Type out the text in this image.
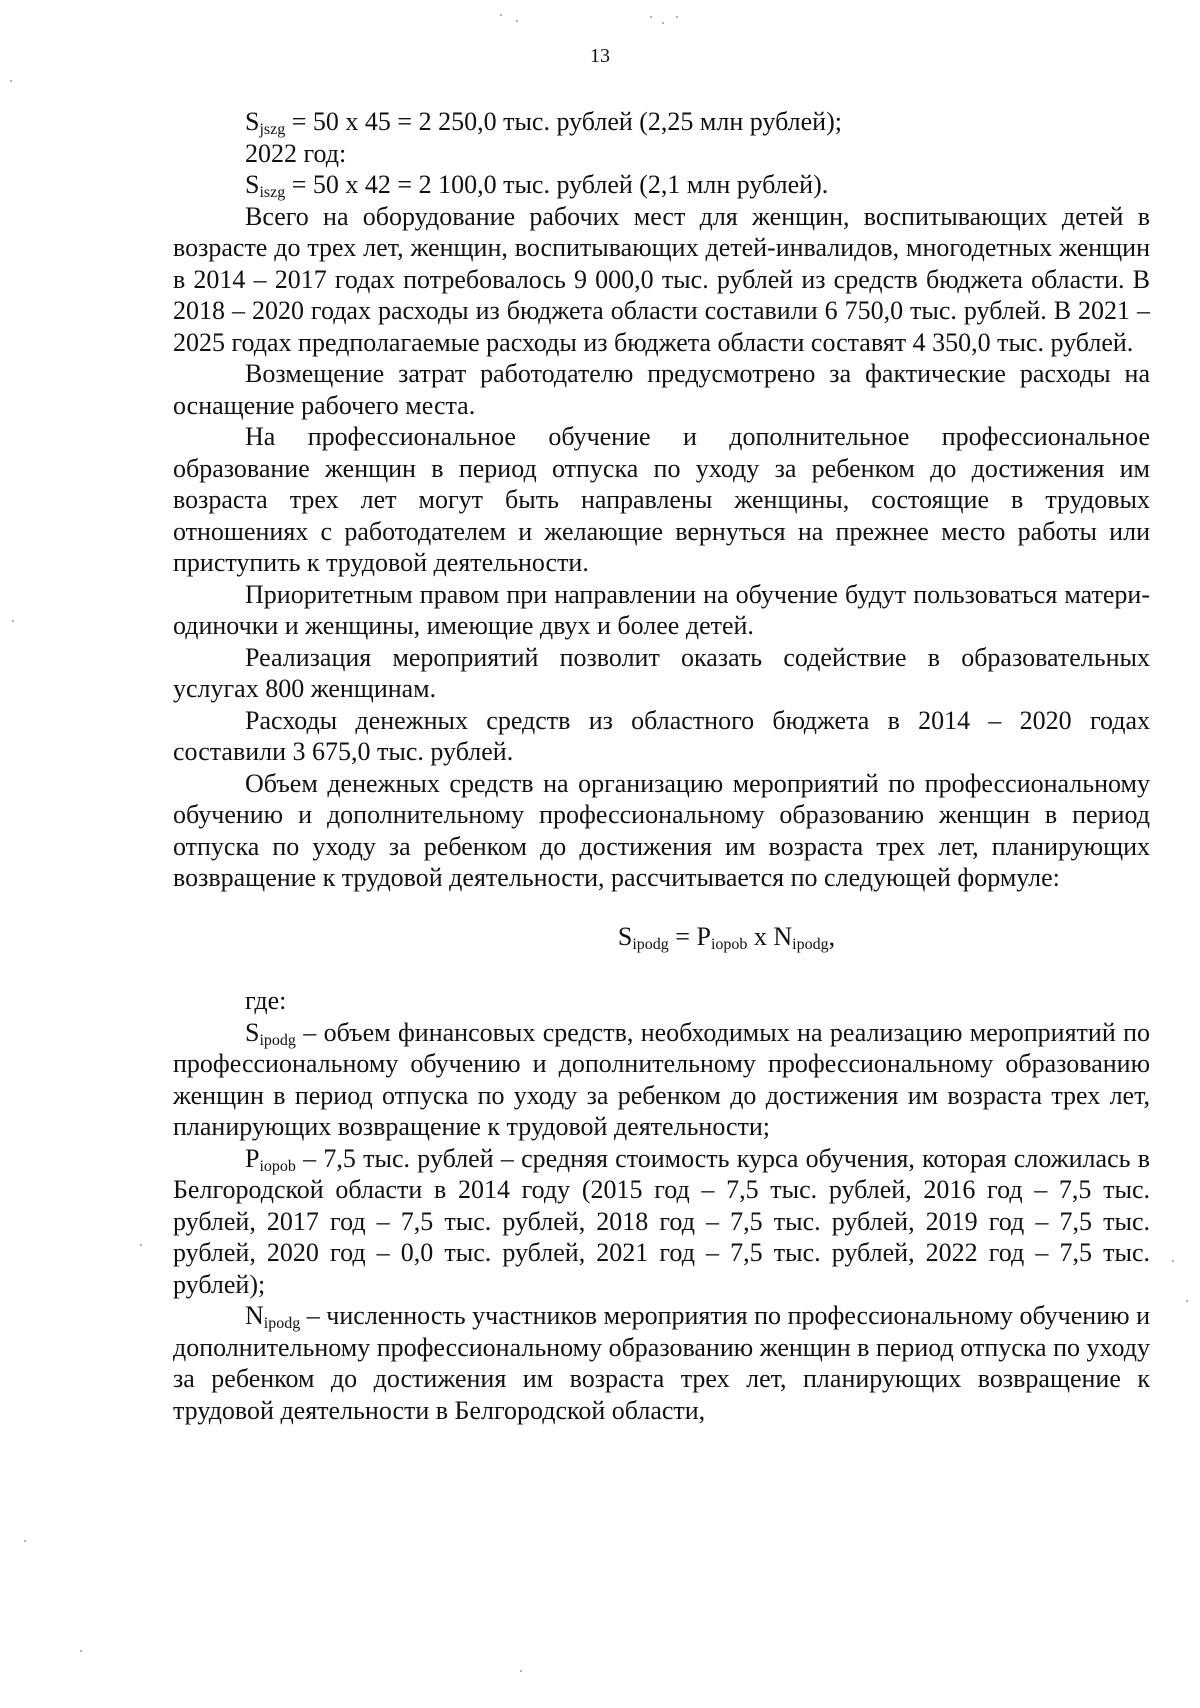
13

$S_{jszg} = 50$ х 45 = 2 250,0 тыс. рублей (2,25 млн рублей);

2022 год:

$S_{iszg} = 50$ х 42 = 2 100,0 тыс. рублей (2,1 млн рублей).

Всего на оборудование рабочих мест для женщин, воспитывающих детей в возрасте до трех лет, женщин, воспитывающих детей-инвалидов, многодетных женщин в 2014 – 2017 годах потребовалось 9 000,0 тыс. рублей из средств бюджета области. В 2018 – 2020 годах расходы из бюджета области составили 6 750,0 тыс. рублей. В 2021 – 2025 годах предполагаемые расходы из бюджета области составят 4 350,0 тыс. рублей.

Возмещение затрат работодателю предусмотрено за фактические расходы на оснащение рабочего места.

На профессиональное обучение и дополнительное профессиональное образование женщин в период отпуска по уходу за ребенком до достижения им возраста трех лет могут быть направлены женщины, состоящие в трудовых отношениях с работодателем и желающие вернуться на прежнее место работы или приступить к трудовой деятельности.

Приоритетным правом при направлении на обучение будут пользоваться матери-одиночки и женщины, имеющие двух и более детей.

Реализация мероприятий позволит оказать содействие в образовательных услугах 800 женщинам.

Расходы денежных средств из областного бюджета в 2014 – 2020 годах составили 3 675,0 тыс. рублей.

Объем денежных средств на организацию мероприятий по профессиональному обучению и дополнительному профессиональному образованию женщин в период отпуска по уходу за ребенком до достижения им возраста трех лет, планирующих возвращение к трудовой деятельности, рассчитывается по следующей формуле:

$S_{ipodg} = P_{iopob}$ х $N_{ipodg}$,

где:

$S_{ipodg}$ – объем финансовых средств, необходимых на реализацию мероприятий по профессиональному обучению и дополнительному профессиональному образованию женщин в период отпуска по уходу за ребенком до достижения им возраста трех лет, планирующих возвращение к трудовой деятельности;

$P_{iopob} - 7,5$ тыс. рублей – средняя стоимость курса обучения, которая сложилась в Белгородской области в 2014 году (2015 год – 7,5 тыс. рублей, 2016 год – 7,5 тыс. рублей, 2017 год – 7,5 тыс. рублей, 2018 год – 7,5 тыс. рублей, 2019 год – 7,5 тыс. рублей, 2020 год – 0,0 тыс. рублей, 2021 год – 7,5 тыс. рублей, 2022 год – 7,5 тыс. рублей);

$N_{ipodg}$ – численность участников мероприятия по профессиональному обучению и дополнительному профессиональному образованию женщин в период отпуска по уходу за ребенком до достижения им возраста трех лет, планирующих возвращение к трудовой деятельности в Белгородской области,
